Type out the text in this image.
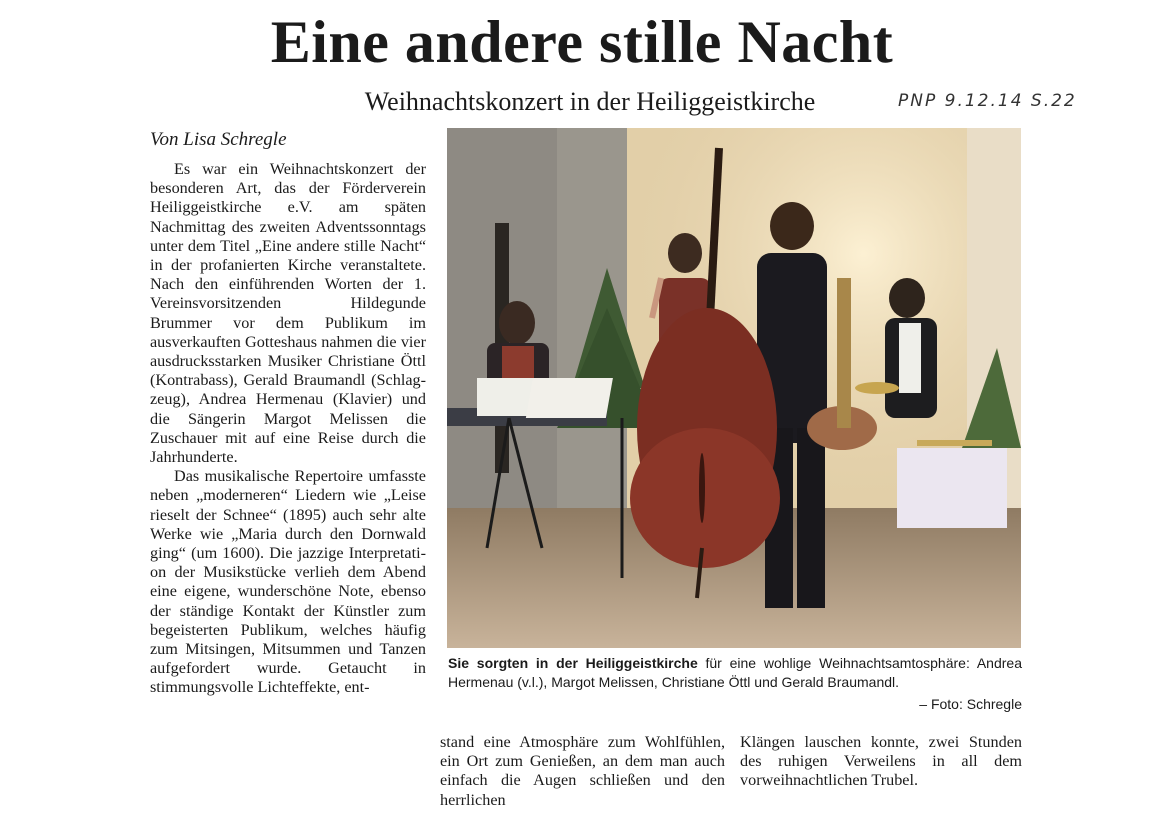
Eine andere stille Nacht
Weihnachtskonzert in der Heiliggeistkirche	PNP 9.12.14 S.22
Von Lisa Schregle

Es war ein Weihnachtskonzert der besonderen Art, das der Förderverein Heiliggeistkirche e.V. am späten Nachmittag des zweiten Adventssonntags unter dem Titel „Eine andere stille Nacht“ in der profanierten Kirche veranstaltete. Nach den einführenden Worten der 1. Vereinsvorsitzenden Hildegunde Brummer vor dem Publikum im ausverkauften Gotteshaus nahmen die vier ausdrucksstarken Musiker Christiane Öttl (Kontrabass), Gerald Braumandl (Schlagzeug), Andrea Hermenau (Klavier) und die Sängerin Margot Melissen die Zuschauer mit auf eine Reise durch die Jahrhunderte.

Das musikalische Repertoire umfasste neben „moderneren“ Liedern wie „Leise rieselt der Schnee“ (1895) auch sehr alte Werke wie „Maria durch den Dornwald ging“ (um 1600). Die jazzige Interpretation der Musikstücke verlieh dem Abend eine eigene, wunderschöne Note, ebenso der ständige Kontakt der Künstler zum begeisterten Publikum, welches häufig zum Mitsingen, Mitsummen und Tanzen aufgefordert wurde. Getaucht in stimmungsvolle Lichteffekte, ent-

Sie sorgten in der Heiliggeistkirche für eine wohlige Weihnachtsamtosphäre: Andrea Hermenau (v.l.), Margot Melissen, Christiane Öttl und Gerald Braumandl.
– Foto: Schregle

stand eine Atmosphäre zum Wohlfühlen, ein Ort zum Genießen, an dem man auch einfach die Augen schließen und den herrlichen

Klängen lauschen konnte, zwei Stunden des ruhigen Verweilens in all dem vorweihnachtlichen Trubel.
